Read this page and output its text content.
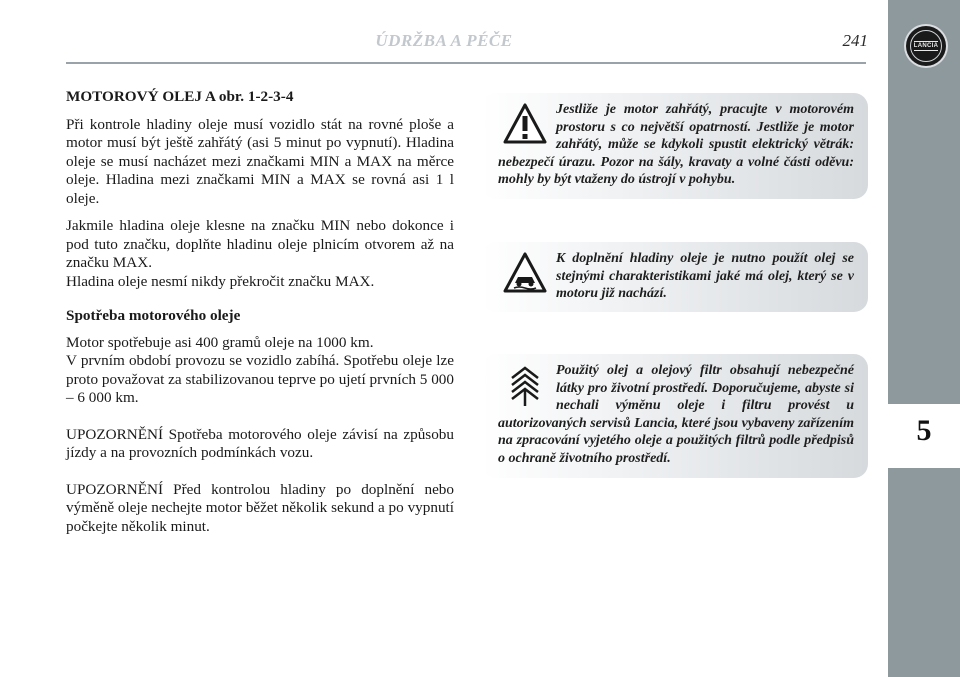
ÚDRŽBA A PÉČE	241	LANCIA
5
MOTOROVÝ OLEJ A obr. 1-2-3-4

Při kontrole hladiny oleje musí vozidlo stát na rovné ploše a motor musí být ještě zahřátý (asi 5 minut po vypnutí). Hladina oleje se musí nacházet mezi značkami MIN a MAX na měrce oleje. Hladina mezi značkami MIN a MAX se rovná asi 1 l oleje.

Jakmile hladina oleje klesne na značku MIN nebo dokonce i pod tuto značku, doplňte hladinu oleje plnicím otvorem až na značku MAX.

Hladina oleje nesmí nikdy překročit značku MAX.

Spotřeba motorového oleje

Motor spotřebuje asi 400 gramů oleje na 1000 km.

V prvním období provozu se vozidlo zabíhá. Spotřebu oleje lze proto považovat za stabilizovanou teprve po ujetí prvních 5 000 – 6 000 km.

UPOZORNĚNÍ Spotřeba motorového oleje závisí na způsobu jízdy a na provozních podmínkách vozu.

UPOZORNĚNÍ Před kontrolou hladiny po doplnění nebo výměně oleje nechejte motor běžet několik sekund a po vypnutí počkejte několik minut.

Jestliže je motor zahřátý, pracujte v motorovém prostoru s co největší opatrností. Jestliže je motor zahřátý, může se kdykoli spustit elektrický větrák: nebezpečí úrazu. Pozor na šály, kravaty a volné části oděvu: mohly by být vtaženy do ústrojí v pohybu.

K doplnění hladiny oleje je nutno použít olej se stejnými charakteristikami jaké má olej, který se v motoru již nachází.

Použitý olej a olejový filtr obsahují nebezpečné látky pro životní prostředí. Doporučujeme, abyste si nechali výměnu oleje i filtru provést u autorizovaných servisů Lancia, které jsou vybaveny zařízením na zpracování vyjetého oleje a použitých filtrů podle předpisů o ochraně životního prostředí.
